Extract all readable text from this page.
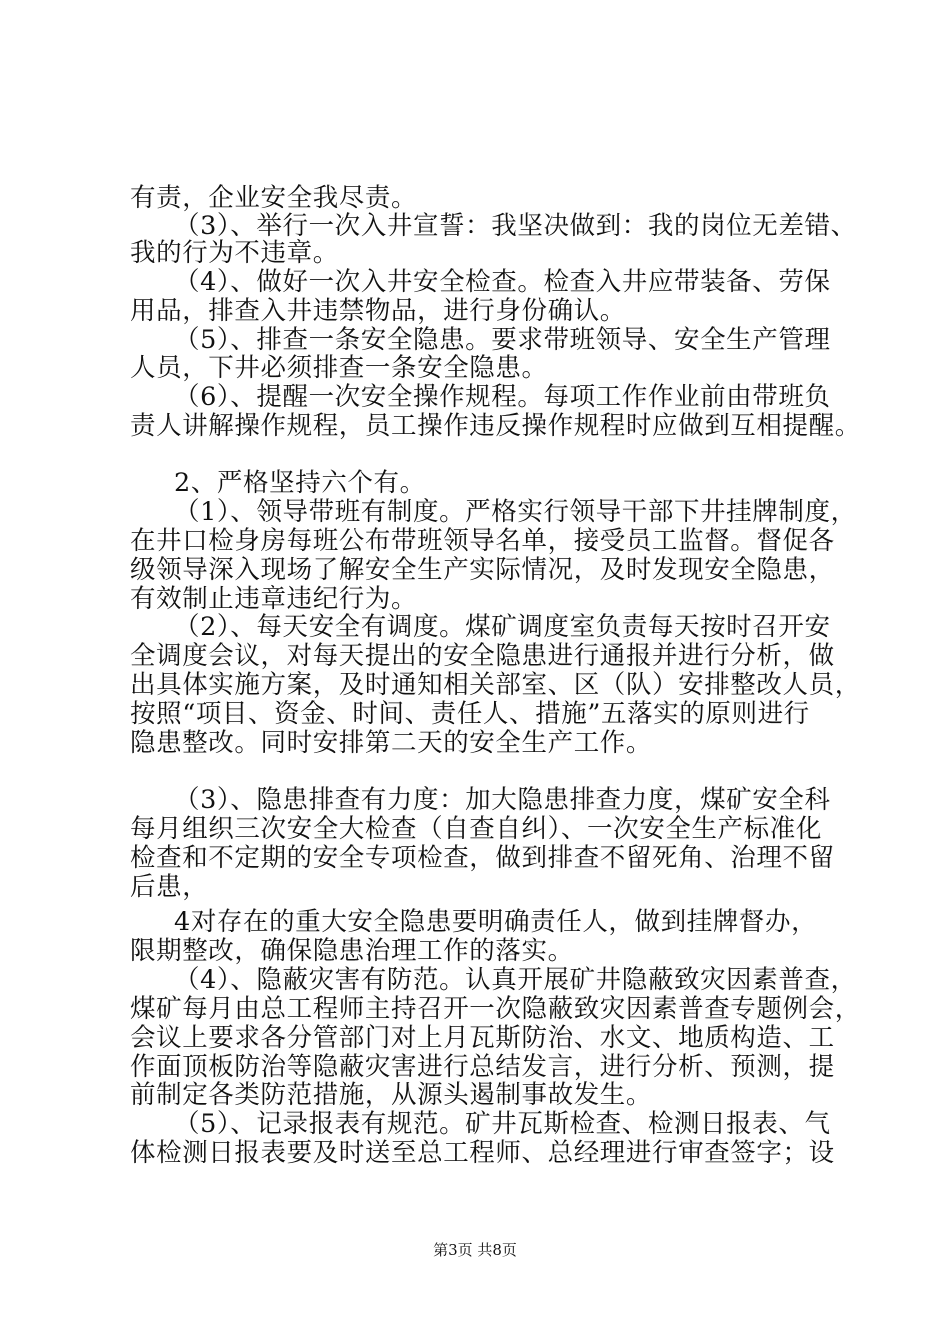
有责，企业安全我尽责。
（3）、举行一次入井宣誓：我坚决做到：我的岗位无差错、
我的行为不违章。
（4）、做好一次入井安全检查。检查入井应带装备、劳保
用品，排查入井违禁物品，进行身份确认。
（5）、排查一条安全隐患。要求带班领导、安全生产管理
人员，下井必须排查一条安全隐患。
（6）、提醒一次安全操作规程。每项工作作业前由带班负
责人讲解操作规程，员工操作违反操作规程时应做到互相提醒。
2、严格坚持六个有。
（1）、领导带班有制度。严格实行领导干部下井挂牌制度，
在井口检身房每班公布带班领导名单，接受员工监督。督促各
级领导深入现场了解安全生产实际情况，及时发现安全隐患，
有效制止违章违纪行为。
（2）、每天安全有调度。煤矿调度室负责每天按时召开安
全调度会议，对每天提出的安全隐患进行通报并进行分析，做
出具体实施方案，及时通知相关部室、区（队）安排整改人员，
按照“项目、资金、时间、责任人、措施”五落实的原则进行
隐患整改。同时安排第二天的安全生产工作。
（3）、隐患排查有力度：加大隐患排查力度，煤矿安全科
每月组织三次安全大检查（自查自纠）、一次安全生产标准化
检查和不定期的安全专项检查，做到排查不留死角、治理不留
后患，
4对存在的重大安全隐患要明确责任人，做到挂牌督办，
限期整改，确保隐患治理工作的落实。
（4）、隐蔽灾害有防范。认真开展矿井隐蔽致灾因素普查，
煤矿每月由总工程师主持召开一次隐蔽致灾因素普查专题例会，
会议上要求各分管部门对上月瓦斯防治、水文、地质构造、工
作面顶板防治等隐蔽灾害进行总结发言，进行分析、预测，提
前制定各类防范措施，从源头遏制事故发生。
（5）、记录报表有规范。矿井瓦斯检查、检测日报表、气
体检测日报表要及时送至总工程师、总经理进行审查签字；设
第3页 共8页
